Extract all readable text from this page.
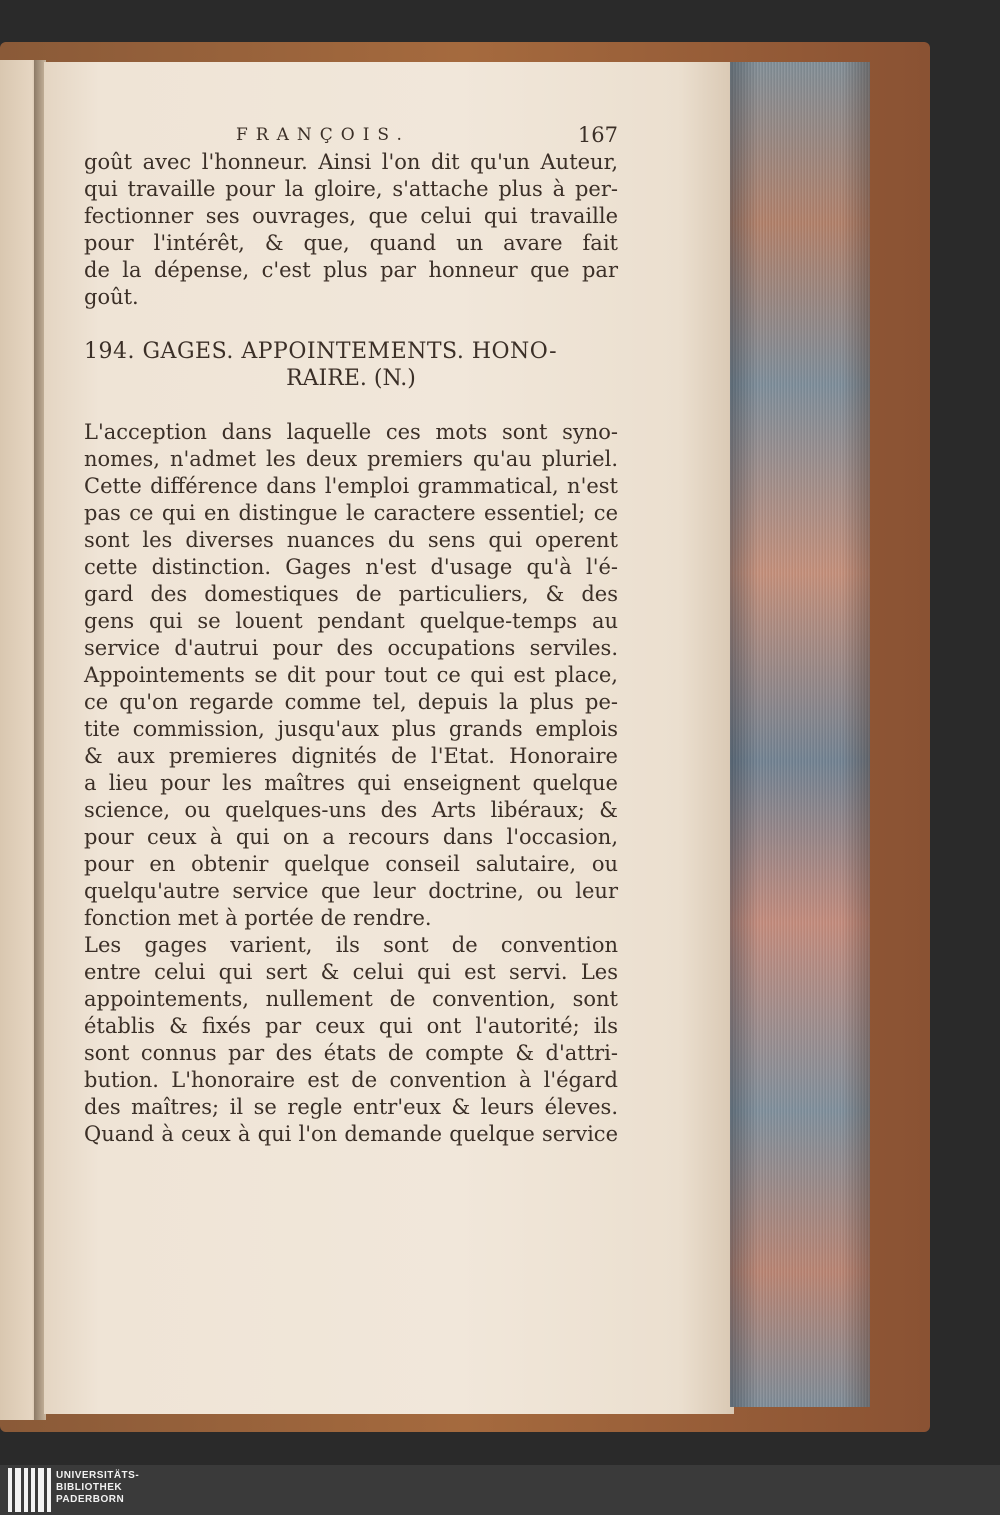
FRANÇOIS.	167
goût avec l'honneur. Ainsi l'on dit qu'un Auteur,
qui travaille pour la gloire, s'attache plus à per-
fectionner ses ouvrages, que celui qui travaille
pour l'intérêt, & que, quand un avare fait
de la dépense, c'est plus par honneur que par
goût.
194. GAGES. APPOINTEMENTS. HONO-
RAIRE. (N.)
L'acception dans laquelle ces mots sont syno-
nomes, n'admet les deux premiers qu'au pluriel.
Cette différence dans l'emploi grammatical, n'est
pas ce qui en distingue le caractere essentiel; ce
sont les diverses nuances du sens qui operent
cette distinction. Gages n'est d'usage qu'à l'é-
gard des domestiques de particuliers, & des
gens qui se louent pendant quelque-temps au
service d'autrui pour des occupations serviles.
Appointements se dit pour tout ce qui est place,
ce qu'on regarde comme tel, depuis la plus pe-
tite commission, jusqu'aux plus grands emplois
& aux premieres dignités de l'Etat. Honoraire
a lieu pour les maîtres qui enseignent quelque
science, ou quelques-uns des Arts libéraux; &
pour ceux à qui on a recours dans l'occasion,
pour en obtenir quelque conseil salutaire, ou
quelqu'autre service que leur doctrine, ou leur
fonction met à portée de rendre.
Les gages varient, ils sont de convention
entre celui qui sert & celui qui est servi. Les
appointements, nullement de convention, sont
établis & fixés par ceux qui ont l'autorité; ils
sont connus par des états de compte & d'attri-
bution. L'honoraire est de convention à l'égard
des maîtres; il se regle entr'eux & leurs éleves.
Quand à ceux à qui l'on demande quelque service
UNIVERSITÄTS-
BIBLIOTHEK
PADERBORN
